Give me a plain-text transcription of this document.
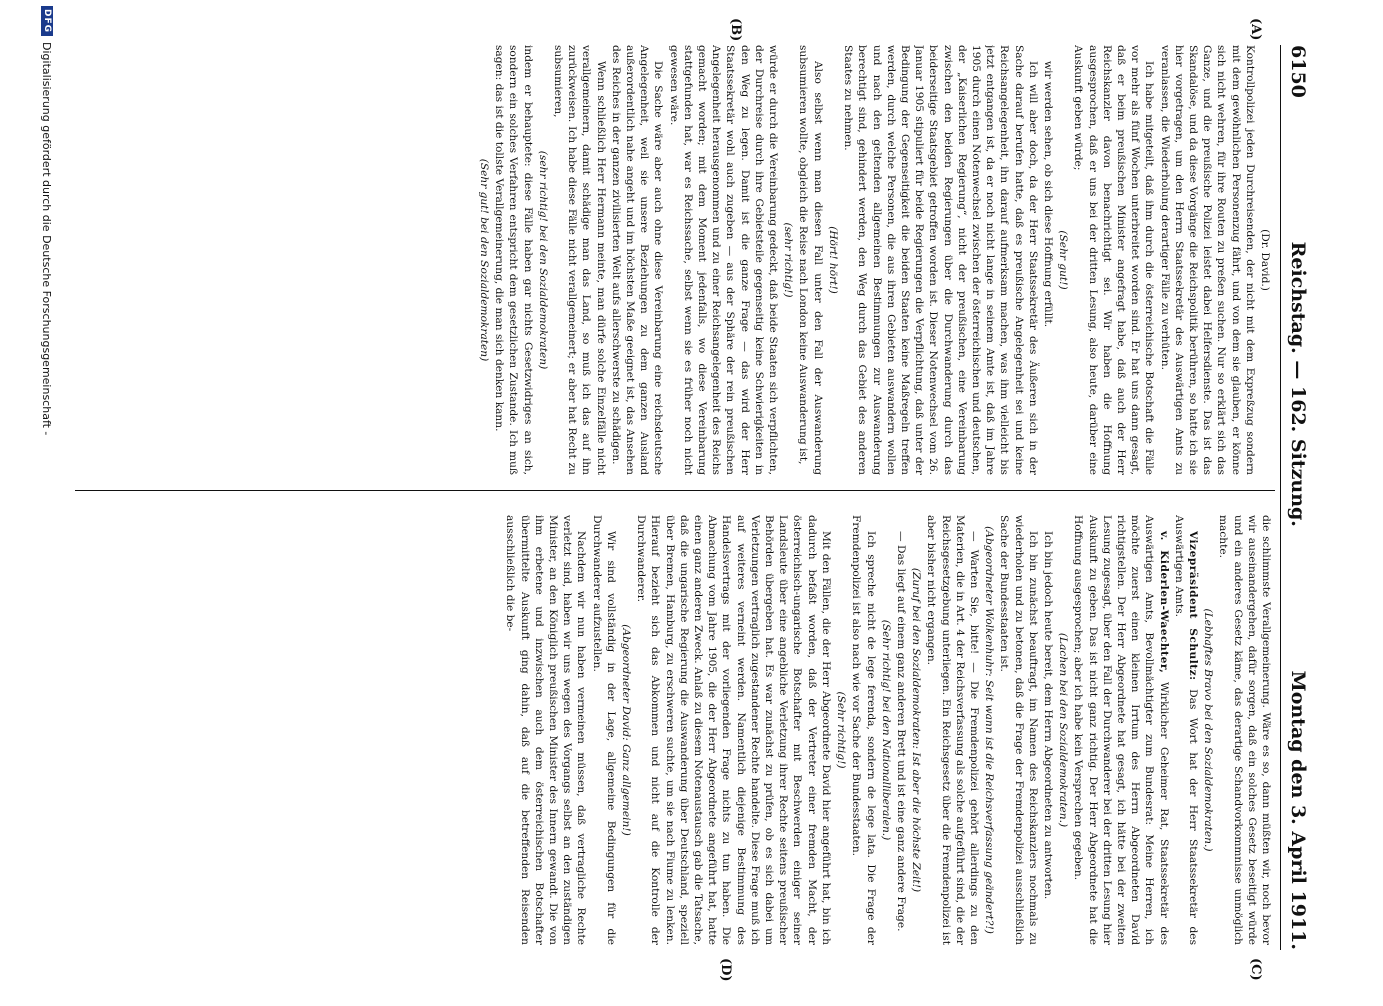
6150
Reichstag. — 162. Sitzung.
Montag den 3. April 1911.
(A)
(B)
(C)
(D)

(Dr. David.)

Kontrollpolizei jeden Durchreisenden, der nicht mit dem Expreßzug sondern mit dem gewöhnlichen Personenzug fährt, und von dem sie glauben, er könne sich nicht wehren, für ihre Routen zu preßen suchen. Nur so erklärt sich das Ganze, und die preußische Polizei leistet dabei Helfersdienste. Das ist das Skandalöse, und da diese Vorgänge die Reichspolitik berühren, so hatte ich sie hier vorgetragen, um den Herrn Staatssekretär des Auswärtigen Amts zu veranlassen, die Wiederholung derartiger Fälle zu verhüten.

Ich habe mitgeteilt, daß ihm durch die österreichische Botschaft die Fälle vor mehr als fünf Wochen unterbreitet worden sind. Er hat uns dann gesagt, daß er beim preußischen Minister angefragt habe, daß auch der Herr Reichskanzler davon benachrichtigt sei. Wir haben die Hoffnung ausgesprochen, daß er uns bei der dritten Lesung, also heute, darüber eine Auskunft geben würde;

(Sehr gut!)

wir werden sehen, ob sich diese Hoffnung erfüllt.

Ich will aber doch, da der Herr Staatssekretär des Äußeren sich in der Sache darauf berufen hatte, daß es preußische Angelegenheit sei und keine Reichsangelegenheit, ihn darauf aufmerksam machen, was ihm vielleicht bis jetzt entgangen ist, da er noch nicht lange in seinem Amte ist, daß im Jahre 1905 durch einen Notenwechsel zwischen der österreichischen und deutschen, der „Kaiserlichen Regierung“, nicht der preußischen, eine Vereinbarung zwischen den beiden Regierungen über die Durchwanderung durch das beiderseitige Staatsgebiet getroffen worden ist. Dieser Notenwechsel vom 26. Januar 1905 stipuliert für beide Regierungen die Verpflichtung, daß unter der Bedingung der Gegenseitigkeit die beiden Staaten keine Maßregeln treffen werden, durch welche Personen, die aus ihren Gebieten auswandern wollen und nach den geltenden allgemeinen Bestimmungen zur Auswanderung berechtigt sind, gehindert werden, den Weg durch das Gebiet des anderen Staates zu nehmen.

(Hört! hört!)

Also selbst wenn man diesen Fall unter den Fall der Auswanderung subsumieren wollte, obgleich die Reise nach London keine Auswanderung ist,

(sehr richtig!)

würde er durch die Vereinbarung gedeckt, daß beide Staaten sich verpflichten, der Durchreise durch ihre Gebietsteile gegenseitig keine Schwierigkeiten in den Weg zu legen. Damit ist die ganze Frage — das wird der Herr Staatssekretär wohl auch zugeben — aus der Sphäre der rein preußischen Angelegenheit herausgenommen und zu einer Reichsangelegenheit des Reichs gemacht worden; mit dem Moment jedenfalls, wo diese Vereinbarung stattgefunden hat, war es Reichssache, selbst wenn sie es früher noch nicht gewesen wäre.

Die Sache wäre aber auch ohne diese Vereinbarung eine reichsdeutsche Angelegenheit, weil sie unsere Beziehungen zu dem ganzen Ausland außerordentlich nahe angeht und im höchsten Maße geeignet ist, das Ansehen des Reiches in der ganzen zivilisierten Welt aufs allerschwerste zu schädigen.

Wenn schließlich Herr Hermann meinte, man dürfe solche Einzelfälle nicht verallgemeinern, damit schädige man das Land, so muß ich das auf ihn zurückweisen. Ich habe diese Fälle nicht verallgemeinert; er aber hat Recht zu subsumieren,

(sehr richtig! bei den Sozialdemokraten)

indem er behauptete: diese Fälle haben gar nichts Gesetzwidriges an sich, sondern ein solches Verfahren entspricht dem gesetzlichen Zustande. Ich muß sagen: das ist die tollste Verallgemeinerung, die man sich denken kann.

(Sehr gut! bei den Sozialdemokraten)

die schlimmste Verallgemeinerung. Wäre es so, dann müßten wir, noch bevor wir auseinandergehen, dafür sorgen, daß ein solches Gesetz beseitigt würde und ein anderes Gesetz käme, das derartige Schandvorkommnisse unmöglich machte.

(Lebhaftes Bravo bei den Sozialdemokraten.)

Vizepräsident Schultz: Das Wort hat der Herr Staatssekretär des Auswärtigen Amts.

v. Kiderlen-Waechter, Wirklicher Geheimer Rat, Staatssekretär des Auswärtigen Amts, Bevollmächtigter zum Bundesrat: Meine Herren, ich möchte zuerst einen kleinen Irrtum des Herrn Abgeordneten David richtigstellen. Der Herr Abgeordnete hat gesagt, ich hätte bei der zweiten Lesung zugesagt, über den Fall der Durchwanderer bei der dritten Lesung hier Auskunft zu geben. Das ist nicht ganz richtig. Der Herr Abgeordnete hat die Hoffnung ausgesprochen; aber ich habe kein Versprechen gegeben.

(Lachen bei den Sozialdemokraten.)

Ich bin jedoch heute bereit, dem Herrn Abgeordneten zu antworten.

Ich bin zunächst beauftragt, im Namen des Reichskanzlers nochmals zu wiederholen und zu betonen, daß die Frage der Fremdenpolizei ausschließlich Sache der Bundesstaaten ist.

(Abgeordneter Wolkenhuhr: Seit wann ist die Reichsverfassung geändert?!)

— Warten Sie, bitte! — Die Fremdenpolizei gehört allerdings zu den Materien, die in Art. 4 der Reichsverfassung als solche aufgeführt sind, die der Reichsgesetzgebung unterliegen. Ein Reichsgesetz über die Fremdenpolizei ist aber bisher nicht ergangen.

(Zuruf bei den Sozialdemokraten: Ist aber die höchste Zeit!)

— Das liegt auf einem ganz anderen Brett und ist eine ganz andere Frage.

(Sehr richtig! bei den Nationalliberalen.)

Ich spreche nicht de lege ferenda, sondern de lege lata. Die Frage der Fremdenpolizei ist also nach wie vor Sache der Bundesstaaten.

(Sehr richtig!)

Mit den Fällen, die der Herr Abgeordnete David hier angeführt hat, bin ich dadurch befaßt worden, daß der Vertreter einer fremden Macht, der österreichisch-ungarische Botschafter mit Beschwerden einiger seiner Landsleute über eine angebliche Verletzung ihrer Rechte seitens preußischer Behörden übergeben hat. Es war zunächst zu prüfen, ob es sich dabei um Verletzungen vertraglich zugestandener Rechte handelte. Diese Frage muß ich auf weiteres verneint werden. Namentlich diejenige Bestimmung des Handelsvertrags mit der vorliegenden Frage nichts zu tun haben. Die Abmachung vom Jahre 1905, die der Herr Abgeordnete angeführt hat, hatte einen ganz anderen Zweck. Anlaß zu diesem Notenaustausch gab die Tatsache, daß die ungarische Regierung die Auswanderung über Deutschland, speziell über Bremen, Hamburg, zu erschweren suchte, um sie nach Fiume zu lenken. Hierauf bezieht sich das Abkommen und nicht auf die Kontrolle der Durchwanderer.

(Abgeordneter David: Ganz allgemein!)

Wir sind vollständig in der Lage, allgemeine Bedingungen für die Durchwanderer aufzustellen.

Nachdem wir nun haben vermeinen müssen, daß vertragliche Rechte verletzt sind, haben wir uns wegen des Vorgangs selbst an den zuständigen Minister, an den Königlich preußischen Minister des Innern gewandt. Die von ihm erbetene und inzwischen auch dem österreichischen Botschafter übermittelte Auskunft ging dahin, daß auf die betreffenden Reisenden ausschließlich die be-

DFG
Digitalisierung gefördert durch die Deutsche Forschungsgemeinschaft -
